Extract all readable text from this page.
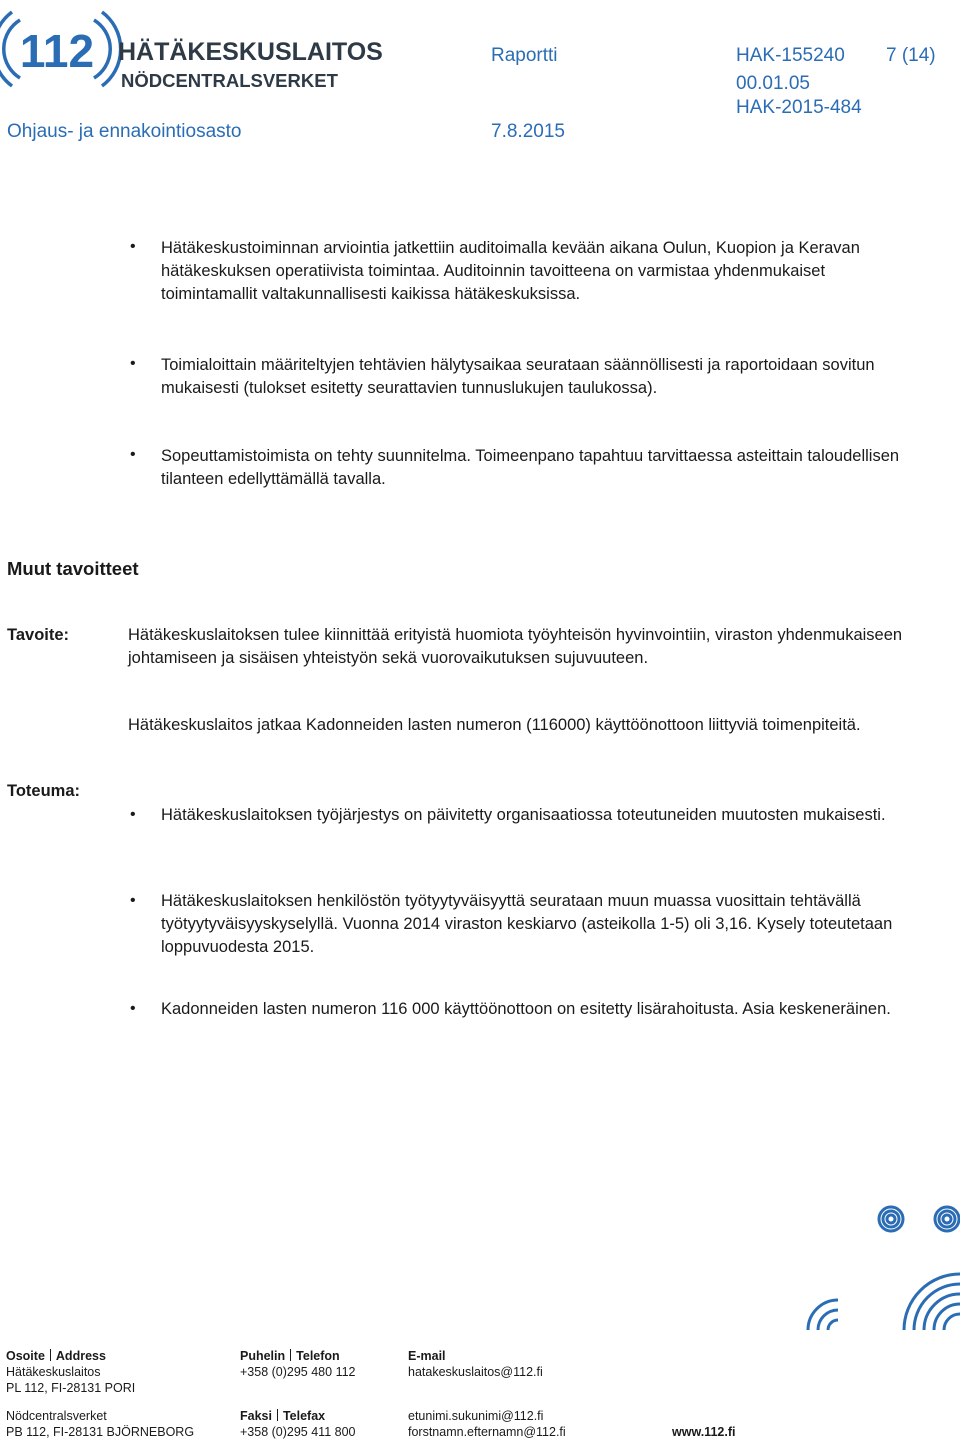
112 HÄTÄKESKUSLAITOS
NÖDCENTRALSVERKET
Raportti	HAK-155240 7 (14)
00.01.05
HAK-2015-484
Ohjaus- ja ennakointiosasto	7.8.2015
•
Hätäkeskustoiminnan arviointia jatkettiin auditoimalla kevään aikana Oulun, Kuopion ja Keravan hätäkeskuksen operatiivista toimintaa. Auditoinnin tavoitteena on varmistaa yhdenmukaiset toimintamallit valtakunnallisesti kaikissa hätäkeskuksissa.
•
Toimialoittain määriteltyjen tehtävien hälytysaikaa seurataan säännöllisesti ja raportoidaan sovitun mukaisesti (tulokset esitetty seurattavien tunnuslukujen taulukossa).
•
Sopeuttamistoimista on tehty suunnitelma. Toimeenpano tapahtuu tarvittaessa asteittain taloudellisen tilanteen edellyttämällä tavalla.
Muut tavoitteet
Tavoite:	Hätäkeskuslaitoksen tulee kiinnittää erityistä huomiota työyhteisön hyvinvointiin, viraston yhdenmukaiseen johtamiseen ja sisäisen yhteistyön sekä vuorovaikutuksen sujuvuuteen.
Hätäkeskuslaitos jatkaa Kadonneiden lasten numeron (116000) käyttöönottoon liittyviä toimenpiteitä.
Toteuma:
•
Hätäkeskuslaitoksen työjärjestys on päivitetty organisaatiossa toteutuneiden muutosten mukaisesti.
•
Hätäkeskuslaitoksen henkilöstön työtyytyväisyyttä seurataan muun muassa vuosittain tehtävällä työtyytyväisyyskyselyllä. Vuonna 2014 viraston keskiarvo (asteikolla 1-5) oli 3,16. Kysely toteutetaan loppuvuodesta 2015.
•
Kadonneiden lasten numeron 116 000 käyttöönottoon on esitetty lisärahoitusta. Asia keskeneräinen.
Osoite Address
Hätäkeskuslaitos
PL 112, FI-28131 PORI
Nödcentralsverket
PB 112, FI-28131 BJÖRNEBORG
Puhelin Telefon
+358 (0)295 480 112

Faksi Telefax
+358 (0)295 411 800
E-mail
hatakeskuslaitos@112.fi

etunimi.sukunimi@112.fi
forstnamn.efternamn@112.fi	www.112.fi
